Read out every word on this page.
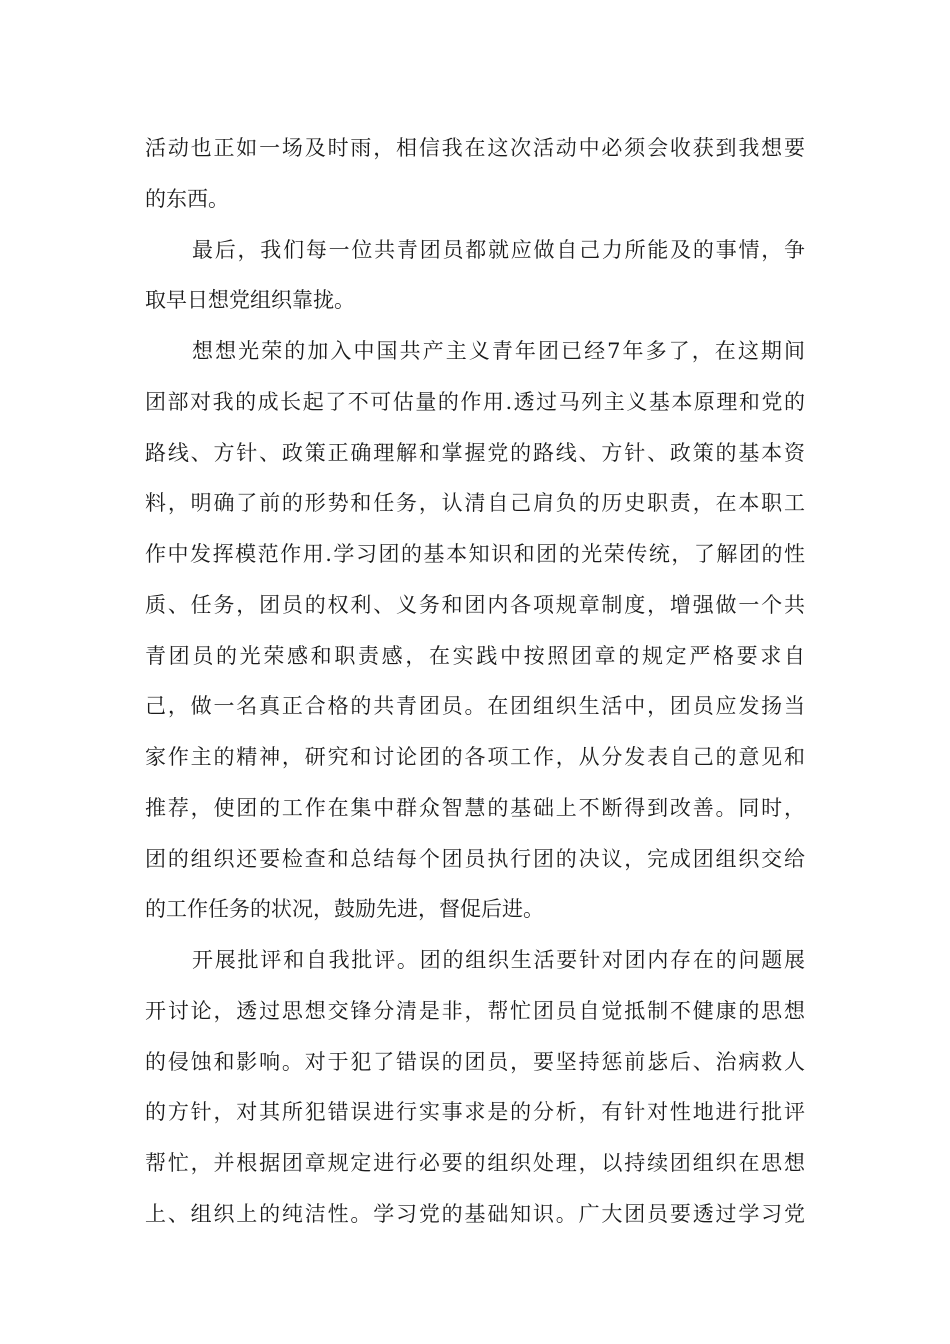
活动也正如一场及时雨，相信我在这次活动中必须会收获到我想要
的东西。
最后，我们每一位共青团员都就应做自己力所能及的事情，争
取早日想党组织靠拢。
想想光荣的加入中国共产主义青年团已经7年多了，在这期间
团部对我的成长起了不可估量的作用.透过马列主义基本原理和党的
路线、方针、政策正确理解和掌握党的路线、方针、政策的基本资
料，明确了前的形势和任务，认清自己肩负的历史职责，在本职工
作中发挥模范作用.学习团的基本知识和团的光荣传统，了解团的性
质、任务，团员的权利、义务和团内各项规章制度，增强做一个共
青团员的光荣感和职责感，在实践中按照团章的规定严格要求自
己，做一名真正合格的共青团员。在团组织生活中，团员应发扬当
家作主的精神，研究和讨论团的各项工作，从分发表自己的意见和
推荐，使团的工作在集中群众智慧的基础上不断得到改善。同时，
团的组织还要检查和总结每个团员执行团的决议，完成团组织交给
的工作任务的状况，鼓励先进，督促后进。
开展批评和自我批评。团的组织生活要针对团内存在的问题展
开讨论，透过思想交锋分清是非，帮忙团员自觉抵制不健康的思想
的侵蚀和影响。对于犯了错误的团员，要坚持惩前毖后、治病救人
的方针，对其所犯错误进行实事求是的分析，有针对性地进行批评
帮忙，并根据团章规定进行必要的组织处理，以持续团组织在思想
上、组织上的纯洁性。学习党的基础知识。广大团员要透过学习党
